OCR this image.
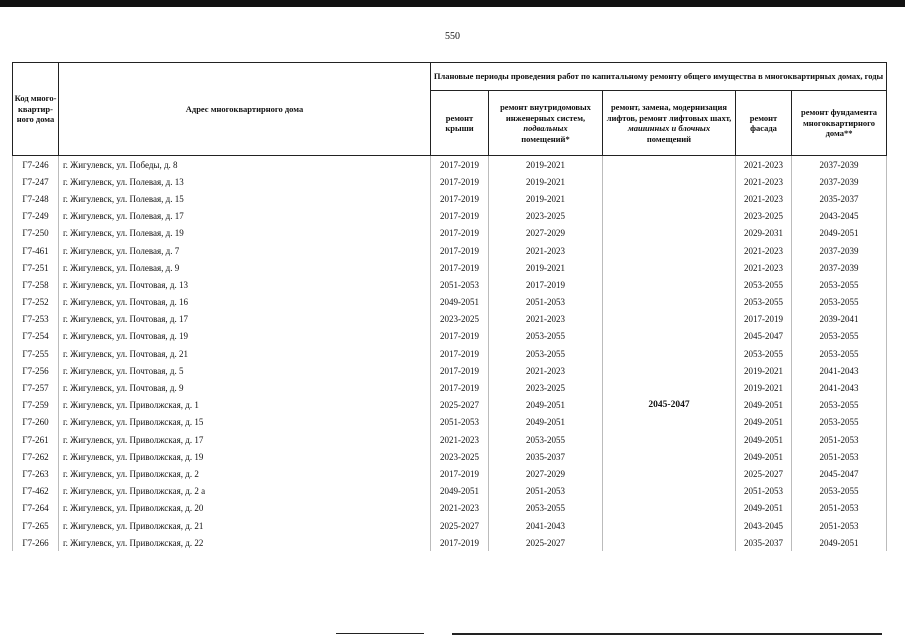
550
Код много-квартир-ного дома	Адрес многоквартирного дома	Плановые периоды проведения работ по капитальному ремонту общего имущества в многоквартирных домах, годы				
		ремонт крыши	ремонт внутридомовых инженерных систем,
подвальных
помещений*	ремонт, замена, модернизация лифтов, ремонт лифтовых шахт,
машинных и блочных
помещений	ремонт фасада	ремонт фундамента многоквартирного дома**
Г7-246	г. Жигулевск, ул. Победы, д. 8	2017-2019	2019-2021		2021-2023	2037-2039
Г7-247	г. Жигулевск, ул. Полевая, д. 13	2017-2019	2019-2021		2021-2023	2037-2039
Г7-248	г. Жигулевск, ул. Полевая, д. 15	2017-2019	2019-2021		2021-2023	2035-2037
Г7-249	г. Жигулевск, ул. Полевая, д. 17	2017-2019	2023-2025		2023-2025	2043-2045
Г7-250	г. Жигулевск, ул. Полевая, д. 19	2017-2019	2027-2029		2029-2031	2049-2051
Г7-461	г. Жигулевск, ул. Полевая, д. 7	2017-2019	2021-2023		2021-2023	2037-2039
Г7-251	г. Жигулевск, ул. Полевая, д. 9	2017-2019	2019-2021		2021-2023	2037-2039
Г7-258	г. Жигулевск, ул. Почтовая, д. 13	2051-2053	2017-2019		2053-2055	2053-2055
Г7-252	г. Жигулевск, ул. Почтовая, д. 16	2049-2051	2051-2053		2053-2055	2053-2055
Г7-253	г. Жигулевск, ул. Почтовая, д. 17	2023-2025	2021-2023		2017-2019	2039-2041
Г7-254	г. Жигулевск, ул. Почтовая, д. 19	2017-2019	2053-2055		2045-2047	2053-2055
Г7-255	г. Жигулевск, ул. Почтовая, д. 21	2017-2019	2053-2055		2053-2055	2053-2055
Г7-256	г. Жигулевск, ул. Почтовая, д. 5	2017-2019	2021-2023		2019-2021	2041-2043
Г7-257	г. Жигулевск, ул. Почтовая, д. 9	2017-2019	2023-2025		2019-2021	2041-2043
Г7-259	г. Жигулевск, ул. Приволжская, д. 1	2025-2027	2049-2051	2045-2047	2049-2051	2053-2055
Г7-260	г. Жигулевск, ул. Приволжская, д. 15	2051-2053	2049-2051		2049-2051	2053-2055
Г7-261	г. Жигулевск, ул. Приволжская, д. 17	2021-2023	2053-2055		2049-2051	2051-2053
Г7-262	г. Жигулевск, ул. Приволжская, д. 19	2023-2025	2035-2037		2049-2051	2051-2053
Г7-263	г. Жигулевск, ул. Приволжская, д. 2	2017-2019	2027-2029		2025-2027	2045-2047
Г7-462	г. Жигулевск, ул. Приволжская, д. 2 а	2049-2051	2051-2053		2051-2053	2053-2055
Г7-264	г. Жигулевск, ул. Приволжская, д. 20	2021-2023	2053-2055		2049-2051	2051-2053
Г7-265	г. Жигулевск, ул. Приволжская, д. 21	2025-2027	2041-2043		2043-2045	2051-2053
Г7-266	г. Жигулевск, ул. Приволжская, д. 22	2017-2019	2025-2027		2035-2037	2049-2051
